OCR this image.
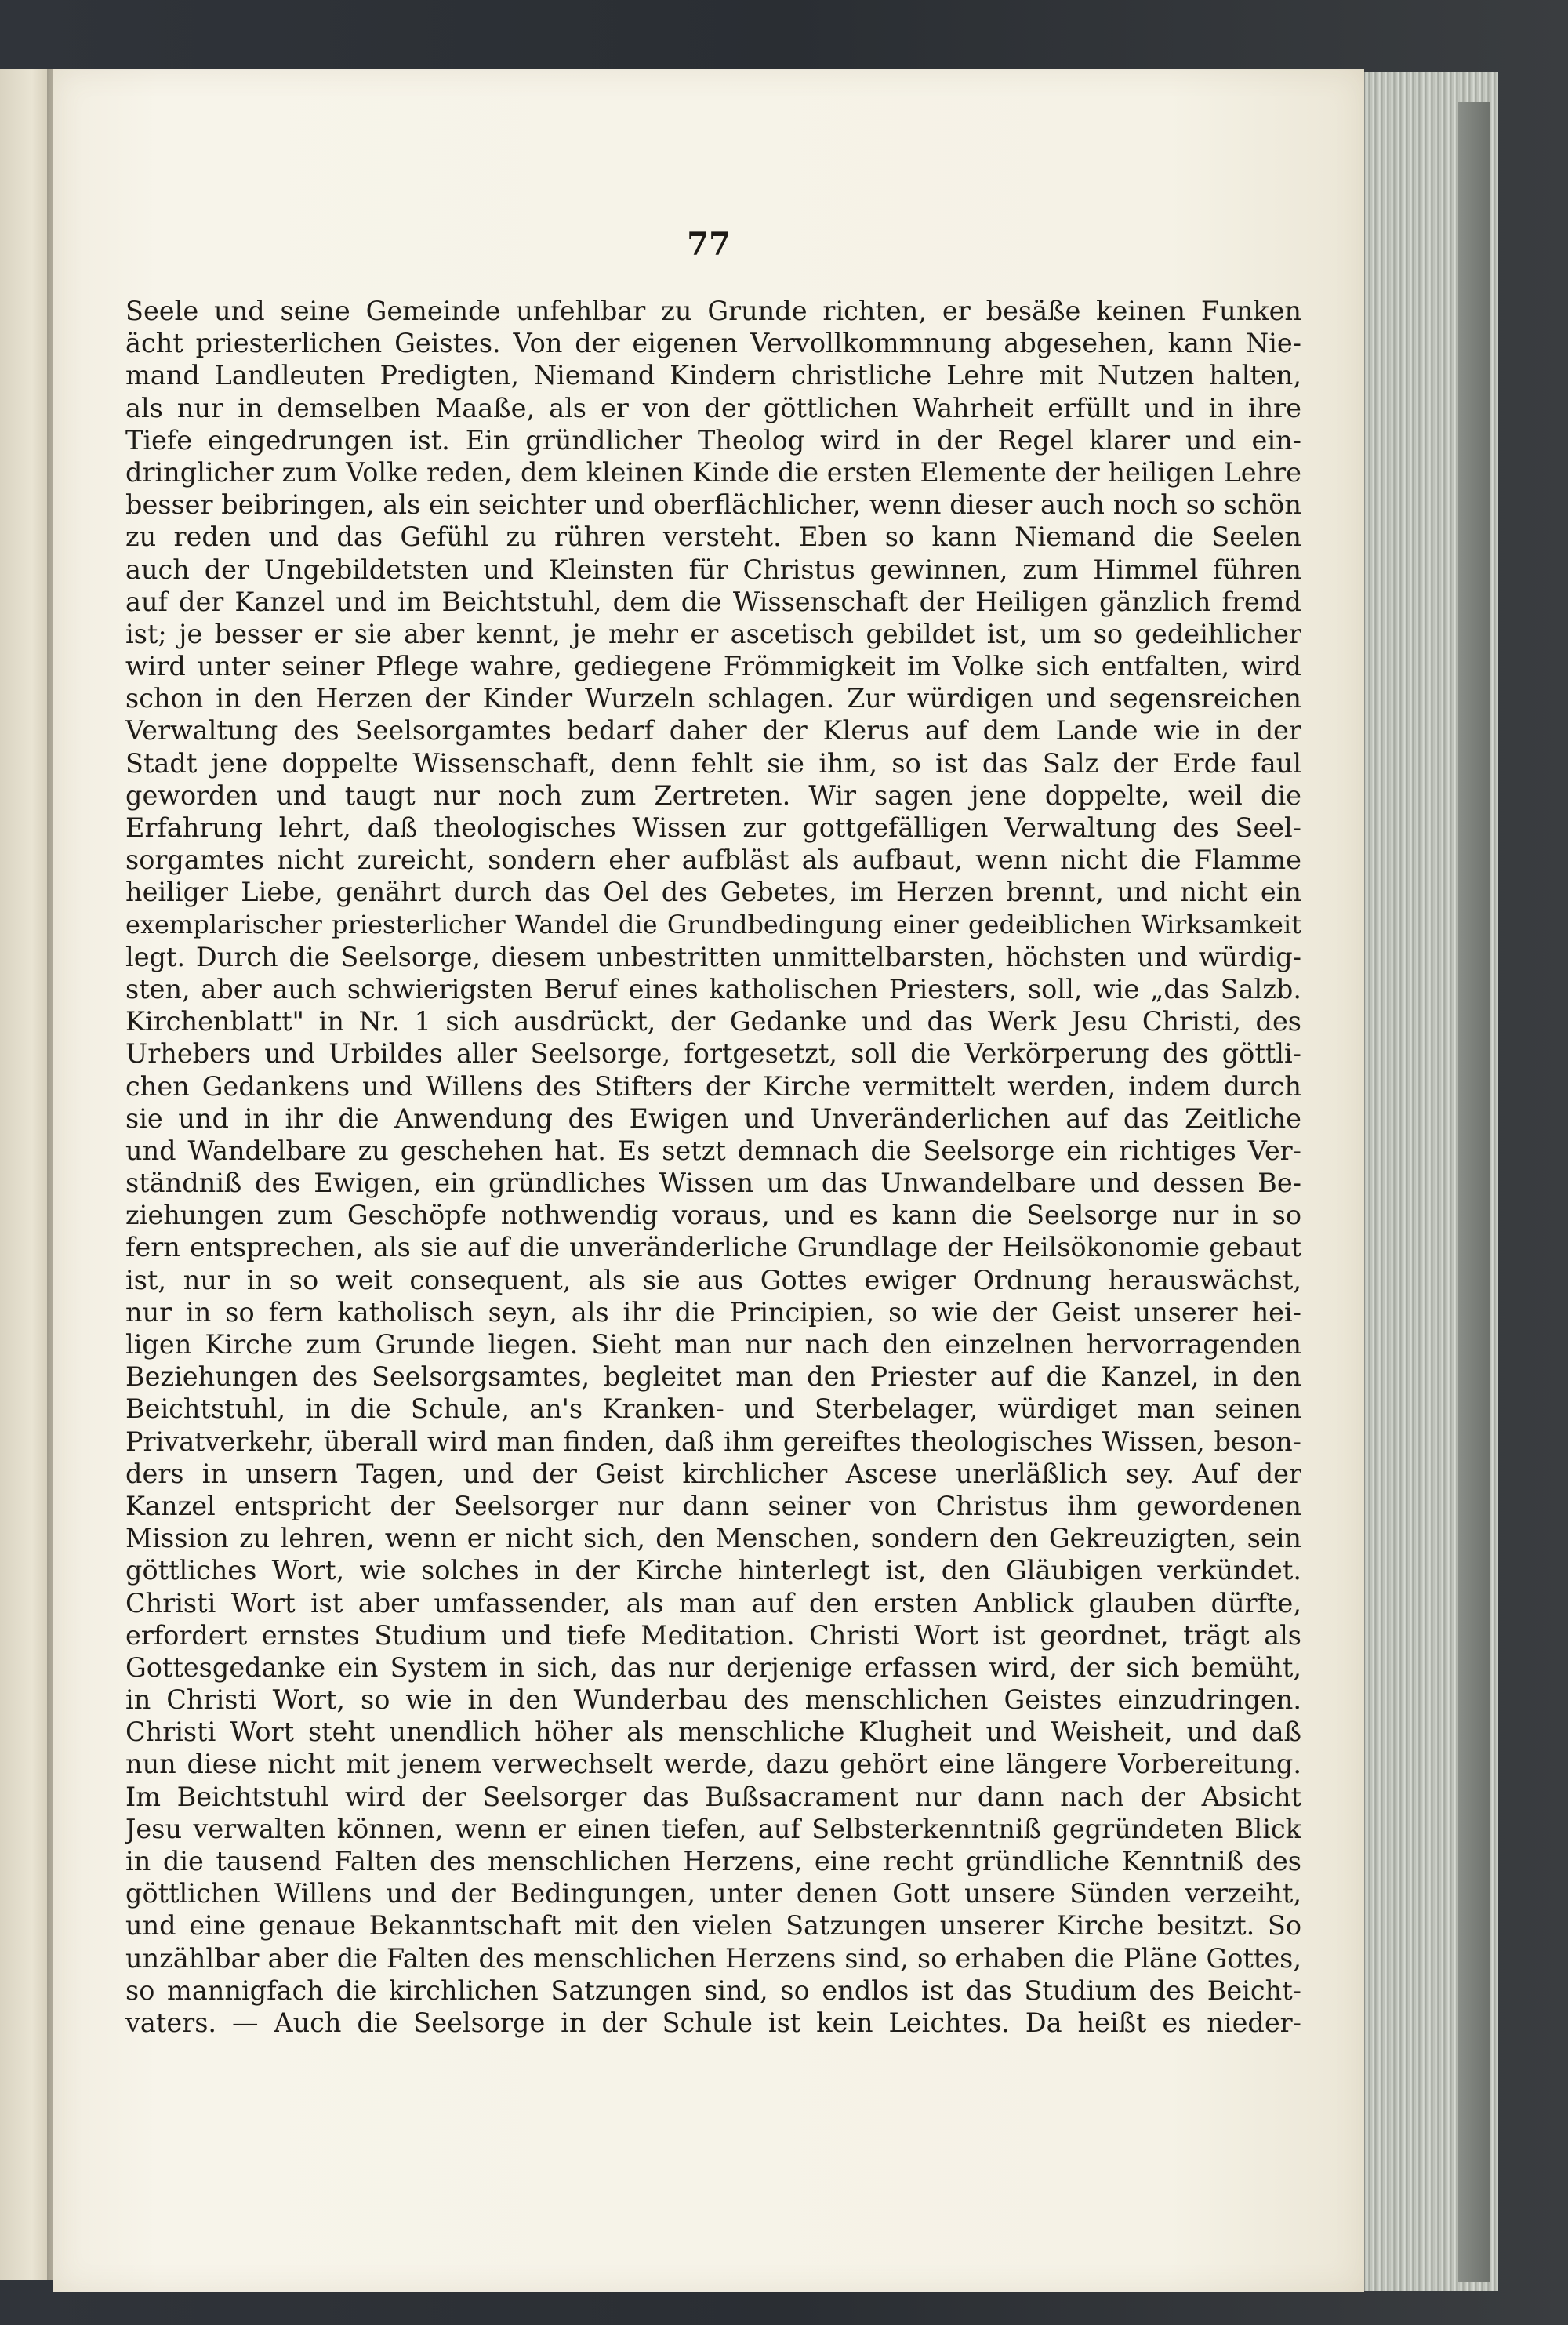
77
Seele und seine Gemeinde unfehlbar zu Grunde richten, er besäße keinen Funken
ächt priesterlichen Geistes. Von der eigenen Vervollkommnung abgesehen, kann Nie-
mand Landleuten Predigten, Niemand Kindern christliche Lehre mit Nutzen halten,
als nur in demselben Maaße, als er von der göttlichen Wahrheit erfüllt und in ihre
Tiefe eingedrungen ist. Ein gründlicher Theolog wird in der Regel klarer und ein-
dringlicher zum Volke reden, dem kleinen Kinde die ersten Elemente der heiligen Lehre
besser beibringen, als ein seichter und oberflächlicher, wenn dieser auch noch so schön
zu reden und das Gefühl zu rühren versteht. Eben so kann Niemand die Seelen
auch der Ungebildetsten und Kleinsten für Christus gewinnen, zum Himmel führen
auf der Kanzel und im Beichtstuhl, dem die Wissenschaft der Heiligen gänzlich fremd
ist; je besser er sie aber kennt, je mehr er ascetisch gebildet ist, um so gedeihlicher
wird unter seiner Pflege wahre, gediegene Frömmigkeit im Volke sich entfalten, wird
schon in den Herzen der Kinder Wurzeln schlagen. Zur würdigen und segensreichen
Verwaltung des Seelsorgamtes bedarf daher der Klerus auf dem Lande wie in der
Stadt jene doppelte Wissenschaft, denn fehlt sie ihm, so ist das Salz der Erde faul
geworden und taugt nur noch zum Zertreten. Wir sagen jene doppelte, weil die
Erfahrung lehrt, daß theologisches Wissen zur gottgefälligen Verwaltung des Seel-
sorgamtes nicht zureicht, sondern eher aufbläst als aufbaut, wenn nicht die Flamme
heiliger Liebe, genährt durch das Oel des Gebetes, im Herzen brennt, und nicht ein
exemplarischer priesterlicher Wandel die Grundbedingung einer gedeiblichen Wirksamkeit
legt. Durch die Seelsorge, diesem unbestritten unmittelbarsten, höchsten und würdig-
sten, aber auch schwierigsten Beruf eines katholischen Priesters, soll, wie „das Salzb.
Kirchenblatt" in Nr. 1 sich ausdrückt, der Gedanke und das Werk Jesu Christi, des
Urhebers und Urbildes aller Seelsorge, fortgesetzt, soll die Verkörperung des göttli-
chen Gedankens und Willens des Stifters der Kirche vermittelt werden, indem durch
sie und in ihr die Anwendung des Ewigen und Unveränderlichen auf das Zeitliche
und Wandelbare zu geschehen hat. Es setzt demnach die Seelsorge ein richtiges Ver-
ständniß des Ewigen, ein gründliches Wissen um das Unwandelbare und dessen Be-
ziehungen zum Geschöpfe nothwendig voraus, und es kann die Seelsorge nur in so
fern entsprechen, als sie auf die unveränderliche Grundlage der Heilsökonomie gebaut
ist, nur in so weit consequent, als sie aus Gottes ewiger Ordnung herauswächst,
nur in so fern katholisch seyn, als ihr die Principien, so wie der Geist unserer hei-
ligen Kirche zum Grunde liegen. Sieht man nur nach den einzelnen hervorragenden
Beziehungen des Seelsorgsamtes, begleitet man den Priester auf die Kanzel, in den
Beichtstuhl, in die Schule, an's Kranken- und Sterbelager, würdiget man seinen
Privatverkehr, überall wird man finden, daß ihm gereiftes theologisches Wissen, beson-
ders in unsern Tagen, und der Geist kirchlicher Ascese unerläßlich sey. Auf der
Kanzel entspricht der Seelsorger nur dann seiner von Christus ihm gewordenen
Mission zu lehren, wenn er nicht sich, den Menschen, sondern den Gekreuzigten, sein
göttliches Wort, wie solches in der Kirche hinterlegt ist, den Gläubigen verkündet.
Christi Wort ist aber umfassender, als man auf den ersten Anblick glauben dürfte,
erfordert ernstes Studium und tiefe Meditation. Christi Wort ist geordnet, trägt als
Gottesgedanke ein System in sich, das nur derjenige erfassen wird, der sich bemüht,
in Christi Wort, so wie in den Wunderbau des menschlichen Geistes einzudringen.
Christi Wort steht unendlich höher als menschliche Klugheit und Weisheit, und daß
nun diese nicht mit jenem verwechselt werde, dazu gehört eine längere Vorbereitung.
Im Beichtstuhl wird der Seelsorger das Bußsacrament nur dann nach der Absicht
Jesu verwalten können, wenn er einen tiefen, auf Selbsterkenntniß gegründeten Blick
in die tausend Falten des menschlichen Herzens, eine recht gründliche Kenntniß des
göttlichen Willens und der Bedingungen, unter denen Gott unsere Sünden verzeiht,
und eine genaue Bekanntschaft mit den vielen Satzungen unserer Kirche besitzt. So
unzählbar aber die Falten des menschlichen Herzens sind, so erhaben die Pläne Gottes,
so mannigfach die kirchlichen Satzungen sind, so endlos ist das Studium des Beicht-
vaters. — Auch die Seelsorge in der Schule ist kein Leichtes. Da heißt es nieder-
